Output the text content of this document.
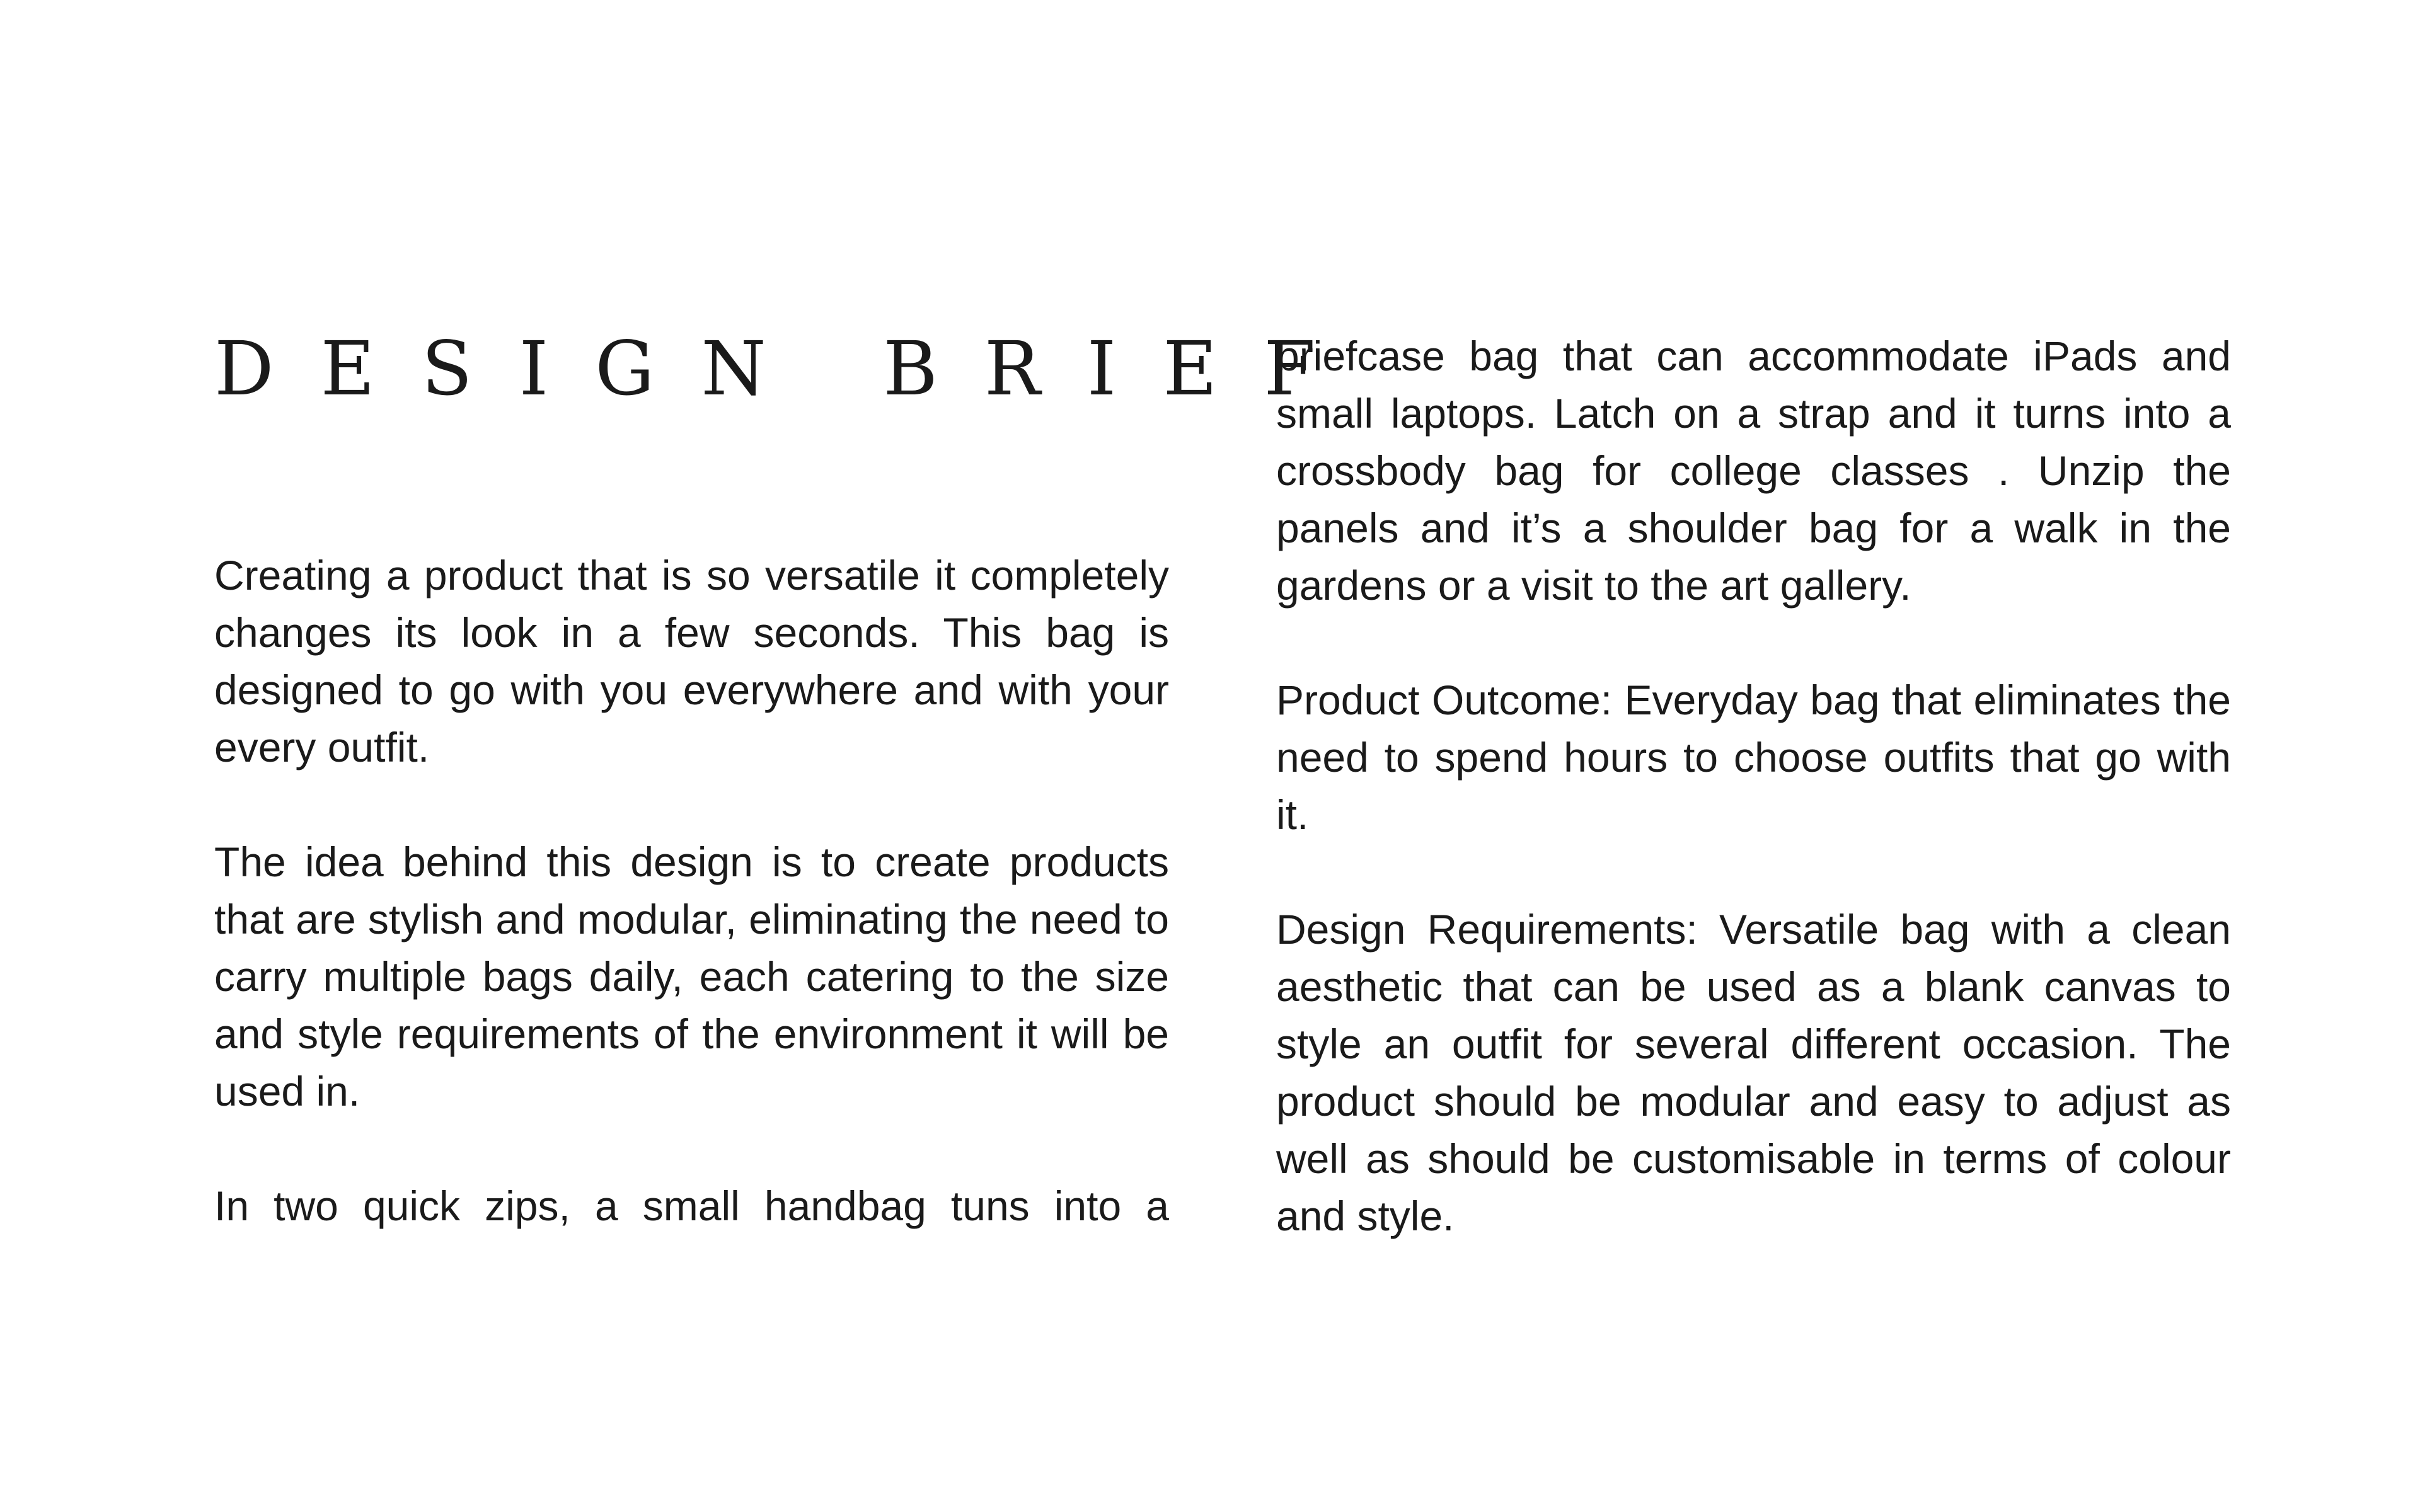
DESIGN BRIEF

Creating a product that is so versatile it completely changes its look in a few seconds. This bag is designed to go with you everywhere and with your every outfit.

The idea behind this design is to create products that are stylish and modular, eliminating the need to carry multiple bags daily, each catering to the size and style requirements of the environment it will be used in.

In two quick zips, a small handbag tuns into a

briefcase bag that can accommodate iPads and small laptops. Latch on a strap and it turns into a crossbody bag for college classes . Unzip the panels and it’s a shoulder bag for a walk in the gardens or a visit to the art gallery.

Product Outcome: Everyday bag that eliminates the need to spend hours to choose outfits that go with it.

Design Requirements: Versatile bag with a clean aesthetic that can be used as a blank canvas to style an outfit for several different occasion. The product should be modular and easy to adjust as well as should be customisable in terms of colour and style.
